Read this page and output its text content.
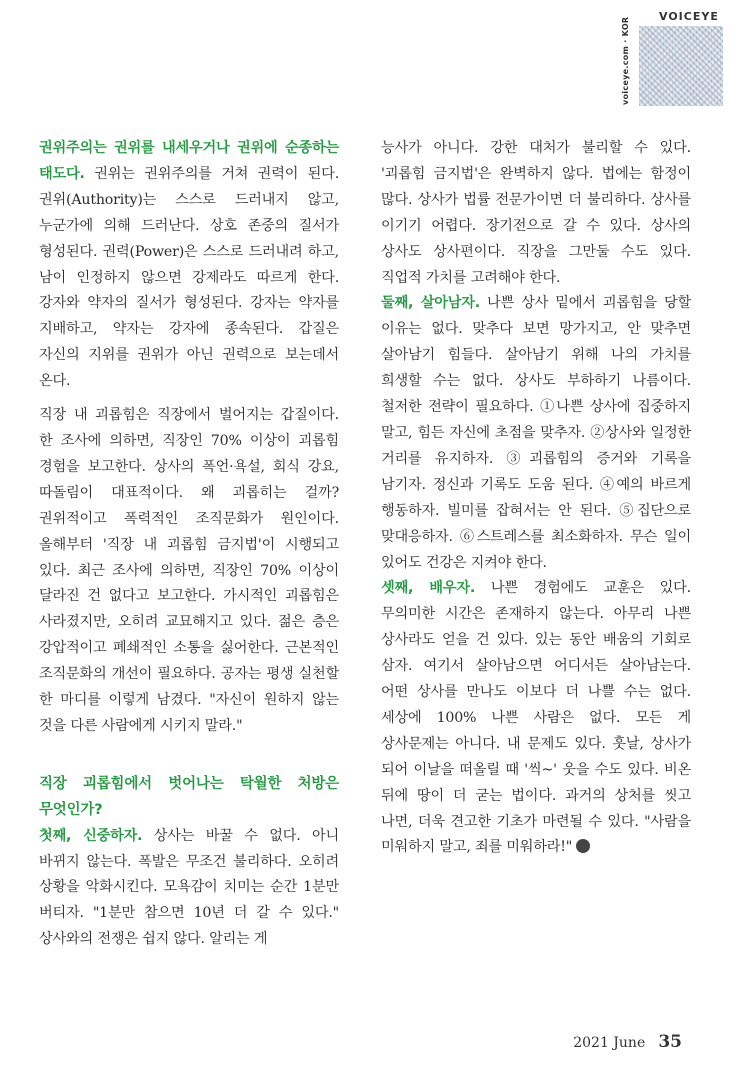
voiceye.com · KOR
VOICEYE

권위주의는 권위를 내세우거나 권위에 순종하는 태도다. 권위는 권위주의를 거쳐 권력이 된다. 권위(Authority)는 스스로 드러내지 않고, 누군가에 의해 드러난다. 상호 존중의 질서가 형성된다. 권력(Power)은 스스로 드러내려 하고, 남이 인정하지 않으면 강제라도 따르게 한다. 강자와 약자의 질서가 형성된다. 강자는 약자를 지배하고, 약자는 강자에 종속된다. 갑질은 자신의 지위를 권위가 아닌 권력으로 보는데서 온다.

직장 내 괴롭힘은 직장에서 벌어지는 갑질이다. 한 조사에 의하면, 직장인 70% 이상이 괴롭힘 경험을 보고한다. 상사의 폭언·욕설, 회식 강요, 따돌림이 대표적이다. 왜 괴롭히는 걸까? 권위적이고 폭력적인 조직문화가 원인이다. 올해부터 '직장 내 괴롭힘 금지법'이 시행되고 있다. 최근 조사에 의하면, 직장인 70% 이상이 달라진 건 없다고 보고한다. 가시적인 괴롭힘은 사라졌지만, 오히려 교묘해지고 있다. 젊은 층은 강압적이고 폐쇄적인 소통을 싫어한다. 근본적인 조직문화의 개선이 필요하다. 공자는 평생 실천할 한 마디를 이렇게 남겼다. "자신이 원하지 않는 것을 다른 사람에게 시키지 말라."

직장 괴롭힘에서 벗어나는 탁월한 처방은 무엇인가?

첫째, 신중하자. 상사는 바꿀 수 없다. 아니 바뀌지 않는다. 폭발은 무조건 불리하다. 오히려 상황을 악화시킨다. 모욕감이 치미는 순간 1분만 버티자. "1분만 참으면 10년 더 갈 수 있다." 상사와의 전쟁은 쉽지 않다. 알리는 게

능사가 아니다. 강한 대처가 불리할 수 있다. '괴롭힘 금지법'은 완벽하지 않다. 법에는 함정이 많다. 상사가 법률 전문가이면 더 불리하다. 상사를 이기기 어렵다. 장기전으로 갈 수 있다. 상사의 상사도 상사편이다. 직장을 그만둘 수도 있다. 직업적 가치를 고려해야 한다.

둘째, 살아남자. 나쁜 상사 밑에서 괴롭힘을 당할 이유는 없다. 맞추다 보면 망가지고, 안 맞추면 살아남기 힘들다. 살아남기 위해 나의 가치를 희생할 수는 없다. 상사도 부하하기 나름이다. 철저한 전략이 필요하다. ①나쁜 상사에 집중하지 말고, 힘든 자신에 초점을 맞추자. ②상사와 일정한 거리를 유지하자. ③괴롭힘의 증거와 기록을 남기자. 정신과 기록도 도움 된다. ④예의 바르게 행동하자. 빌미를 잡혀서는 안 된다. ⑤집단으로 맞대응하자. ⑥스트레스를 최소화하자. 무슨 일이 있어도 건강은 지켜야 한다.

셋째, 배우자. 나쁜 경험에도 교훈은 있다. 무의미한 시간은 존재하지 않는다. 아무리 나쁜 상사라도 얻을 건 있다. 있는 동안 배움의 기회로 삼자. 여기서 살아남으면 어디서든 살아남는다. 어떤 상사를 만나도 이보다 더 나쁠 수는 없다. 세상에 100% 나쁜 사람은 없다. 모든 게 상사문제는 아니다. 내 문제도 있다. 훗날, 상사가 되어 이날을 떠올릴 때 '씩~' 웃을 수도 있다. 비온 뒤에 땅이 더 굳는 법이다. 과거의 상처를 씻고 나면, 더욱 견고한 기초가 마련될 수 있다. "사람을 미워하지 말고, 죄를 미워하라!"

2021 June 35
